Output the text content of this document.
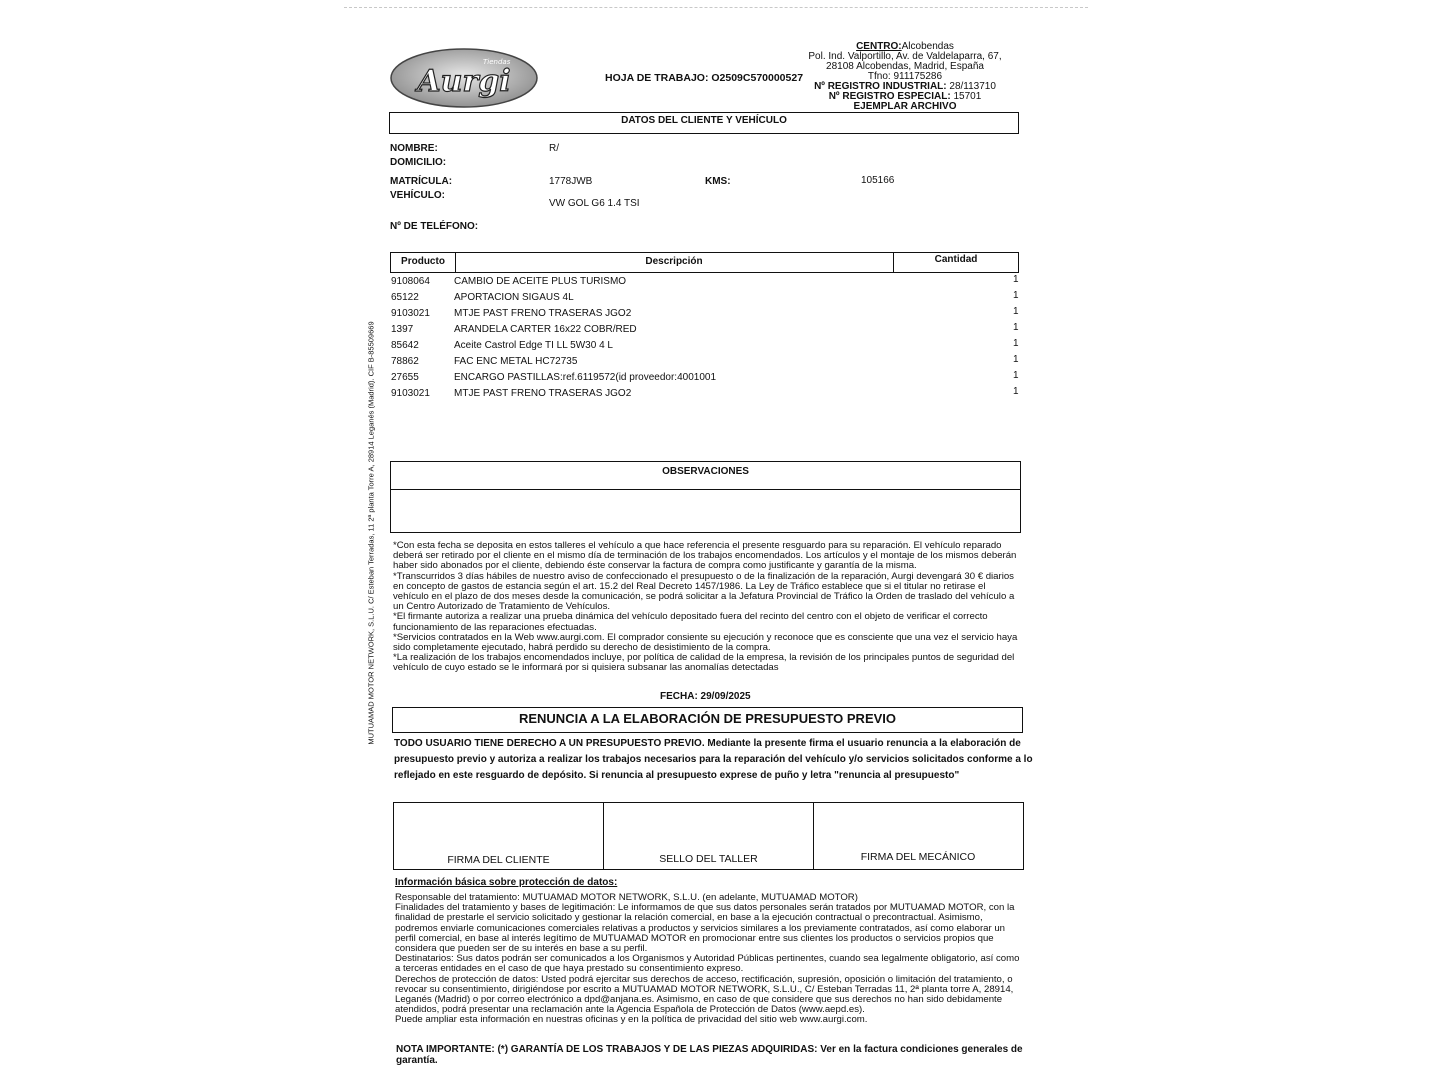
Tiendas
Aurgi	HOJA DE TRABAJO: O2509C570000527
CENTRO:Alcobendas
Pol. Ind. Valportillo, Av. de Valdelaparra, 67,
28108 Alcobendas, Madrid, España
Tfno: 911175286
Nº REGISTRO INDUSTRIAL: 28/113710
Nº REGISTRO ESPECIAL: 15701
EJEMPLAR ARCHIVO
DATOS DEL CLIENTE Y VEHÍCULO
NOMBRE:	R/
DOMICILIO:
MATRÍCULA:	1778JWB	KMS:	105166
VEHÍCULO:
VW GOL G6 1.4 TSI
Nº DE TELÉFONO:
Producto	Descripción	Cantidad
9108064 CAMBIO DE ACEITE PLUS TURISMO	1
65122	APORTACION SIGAUS 4L	1
9103021 MTJE PAST FRENO TRASERAS JGO2	1
1397	ARANDELA CARTER 16x22 COBR/RED	1
85642	Aceite Castrol Edge TI LL 5W30 4 L	1
78862	FAC ENC METAL HC72735	1
27655	ENCARGO PASTILLAS:ref.6119572(id proveedor:4001001	1
9103021 MTJE PAST FRENO TRASERAS JGO2	1
OBSERVACIONES
MUTUAMAD MOTOR NETWORK, S.L.U. C/ Esteban Terradas, 11 2ª planta Torre A, 28914 Leganés (Madrid). CIF B-85509669 *Con esta fecha se deposita en estos talleres el vehículo a que hace referencia el presente resguardo para su reparación. El vehículo reparado deberá ser retirado por el cliente en el mismo día de terminación de los trabajos encomendados. Los artículos y el montaje de los mismos deberán haber sido abonados por el cliente, debiendo éste conservar la factura de compra como justificante y garantía de la misma.

*Transcurridos 3 días hábiles de nuestro aviso de confeccionado el presupuesto o de la finalización de la reparación, Aurgi devengará 30 € diarios en concepto de gastos de estancia según el art. 15.2 del Real Decreto 1457/1986. La Ley de Tráfico establece que si el titular no retirase el vehículo en el plazo de dos meses desde la comunicación, se podrá solicitar a la Jefatura Provincial de Tráfico la Orden de traslado del vehículo a un Centro Autorizado de Tratamiento de Vehículos.

*El firmante autoriza a realizar una prueba dinámica del vehículo depositado fuera del recinto del centro con el objeto de verificar el correcto funcionamiento de las reparaciones efectuadas.

*Servicios contratados en la Web www.aurgi.com. El comprador consiente su ejecución y reconoce que es consciente que una vez el servicio haya sido completamente ejecutado, habrá perdido su derecho de desistimiento de la compra.

*La realización de los trabajos encomendados incluye, por política de calidad de la empresa, la revisión de los principales puntos de seguridad del vehículo de cuyo estado se le informará por si quisiera subsanar las anomalías detectadas

FECHA: 29/09/2025
RENUNCIA A LA ELABORACIÓN DE PRESUPUESTO PREVIO
TODO USUARIO TIENE DERECHO A UN PRESUPUESTO PREVIO. Mediante la presente firma el usuario renuncia a la elaboración de presupuesto previo y autoriza a realizar los trabajos necesarios para la reparación del vehículo y/o servicios solicitados conforme a lo reflejado en este resguardo de depósito. Si renuncia al presupuesto exprese de puño y letra "renuncia al presupuesto"
FIRMA DEL CLIENTE	SELLO DEL TALLER	FIRMA DEL MECÁNICO
Información básica sobre protección de datos:

Responsable del tratamiento: MUTUAMAD MOTOR NETWORK, S.L.U. (en adelante, MUTUAMAD MOTOR)

Finalidades del tratamiento y bases de legitimación: Le informamos de que sus datos personales serán tratados por MUTUAMAD MOTOR, con la finalidad de prestarle el servicio solicitado y gestionar la relación comercial, en base a la ejecución contractual o precontractual. Asimismo, podremos enviarle comunicaciones comerciales relativas a productos y servicios similares a los previamente contratados, así como elaborar un perfil comercial, en base al interés legítimo de MUTUAMAD MOTOR en promocionar entre sus clientes los productos o servicios propios que considera que pueden ser de su interés en base a su perfil.

Destinatarios: Sus datos podrán ser comunicados a los Organismos y Autoridad Públicas pertinentes, cuando sea legalmente obligatorio, así como a terceras entidades en el caso de que haya prestado su consentimiento expreso.

Derechos de protección de datos: Usted podrá ejercitar sus derechos de acceso, rectificación, supresión, oposición o limitación del tratamiento, o revocar su consentimiento, dirigiéndose por escrito a MUTUAMAD MOTOR NETWORK, S.L.U., C/ Esteban Terradas 11, 2ª planta torre A, 28914, Leganés (Madrid) o por correo electrónico a dpd@anjana.es. Asimismo, en caso de que considere que sus derechos no han sido debidamente atendidos, podrá presentar una reclamación ante la Agencia Española de Protección de Datos (www.aepd.es).

Puede ampliar esta información en nuestras oficinas y en la política de privacidad del sitio web www.aurgi.com.

NOTA IMPORTANTE: (*) GARANTÍA DE LOS TRABAJOS Y DE LAS PIEZAS ADQUIRIDAS: Ver en la factura condiciones generales de garantía.
